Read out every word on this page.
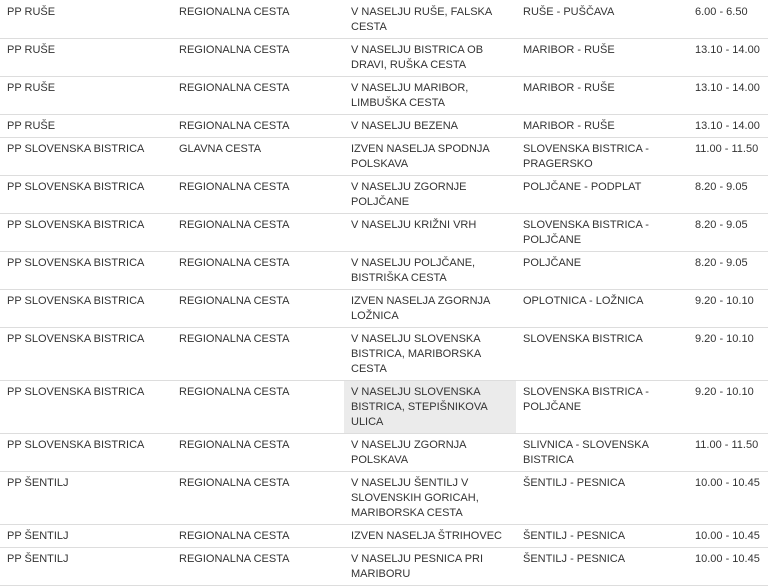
PP RUŠE	REGIONALNA CESTA	V NASELJU RUŠE, FALSKA CESTA	RUŠE - PUŠČAVA	6.00 - 6.50
PP RUŠE	REGIONALNA CESTA	V NASELJU BISTRICA OB DRAVI, RUŠKA CESTA	MARIBOR - RUŠE	13.10 - 14.00
PP RUŠE	REGIONALNA CESTA	V NASELJU MARIBOR, LIMBUŠKA CESTA	MARIBOR - RUŠE	13.10 - 14.00
PP RUŠE	REGIONALNA CESTA	V NASELJU BEZENA	MARIBOR - RUŠE	13.10 - 14.00
PP SLOVENSKA BISTRICA	GLAVNA CESTA	IZVEN NASELJA SPODNJA POLSKAVA	SLOVENSKA BISTRICA - PRAGERSKO	11.00 - 11.50
PP SLOVENSKA BISTRICA	REGIONALNA CESTA	V NASELJU ZGORNJE POLJČANE	POLJČANE - PODPLAT	8.20 - 9.05
PP SLOVENSKA BISTRICA	REGIONALNA CESTA	V NASELJU KRIŽNI VRH	SLOVENSKA BISTRICA - POLJČANE	8.20 - 9.05
PP SLOVENSKA BISTRICA	REGIONALNA CESTA	V NASELJU POLJČANE, BISTRIŠKA CESTA	POLJČANE	8.20 - 9.05
PP SLOVENSKA BISTRICA	REGIONALNA CESTA	IZVEN NASELJA ZGORNJA LOŽNICA	OPLOTNICA - LOŽNICA	9.20 - 10.10
PP SLOVENSKA BISTRICA	REGIONALNA CESTA	V NASELJU SLOVENSKA BISTRICA, MARIBORSKA CESTA	SLOVENSKA BISTRICA	9.20 - 10.10
PP SLOVENSKA BISTRICA	REGIONALNA CESTA	V NASELJU SLOVENSKA BISTRICA, STEPIŠNIKOVA ULICA	SLOVENSKA BISTRICA - POLJČANE	9.20 - 10.10
PP SLOVENSKA BISTRICA	REGIONALNA CESTA	V NASELJU ZGORNJA POLSKAVA	SLIVNICA - SLOVENSKA BISTRICA	11.00 - 11.50
PP ŠENTILJ	REGIONALNA CESTA	V NASELJU ŠENTILJ V SLOVENSKIH GORICAH, MARIBORSKA CESTA	ŠENTILJ - PESNICA	10.00 - 10.45
PP ŠENTILJ	REGIONALNA CESTA	IZVEN NASELJA ŠTRIHOVEC	ŠENTILJ - PESNICA	10.00 - 10.45
PP ŠENTILJ	REGIONALNA CESTA	V NASELJU PESNICA PRI MARIBORU	ŠENTILJ - PESNICA	10.00 - 10.45
